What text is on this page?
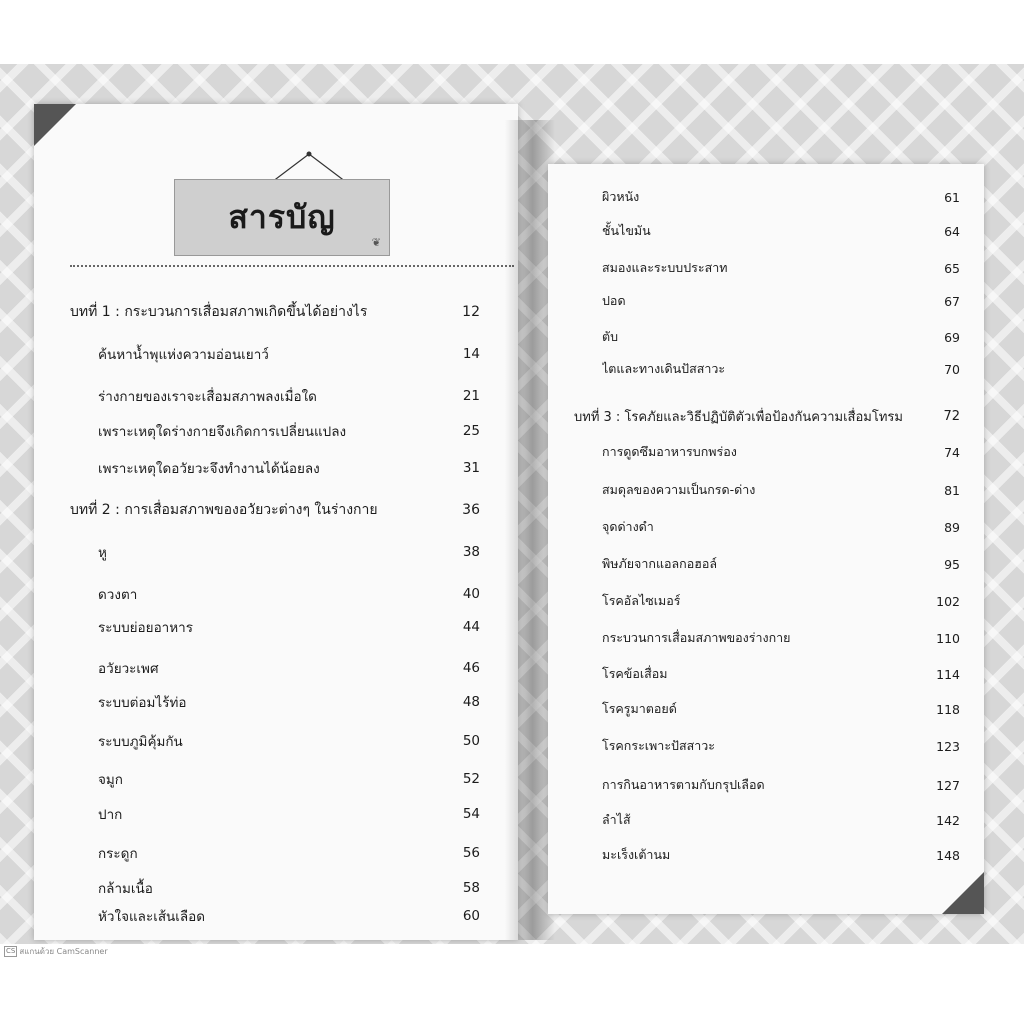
สารบัญ
❦
บทที่ 1 : กระบวนการเสื่อมสภาพเกิดขึ้นได้อย่างไร	12
ค้นหาน้ำพุแห่งความอ่อนเยาว์	14
ร่างกายของเราจะเสื่อมสภาพลงเมื่อใด	21
เพราะเหตุใดร่างกายจึงเกิดการเปลี่ยนแปลง	25
เพราะเหตุใดอวัยวะจึงทำงานได้น้อยลง	31
บทที่ 2 : การเสื่อมสภาพของอวัยวะต่างๆ ในร่างกาย	36
หู	38
ดวงตา	40
ระบบย่อยอาหาร	44
อวัยวะเพศ	46
ระบบต่อมไร้ท่อ	48
ระบบภูมิคุ้มกัน	50
จมูก	52
ปาก	54
กระดูก	56
กล้ามเนื้อ	58
หัวใจและเส้นเลือด	60
ผิวหนัง	61
ชั้นไขมัน	64
สมองและระบบประสาท	65
ปอด	67
ตับ	69
ไตและทางเดินปัสสาวะ	70
บทที่ 3 : โรคภัยและวิธีปฏิบัติตัวเพื่อป้องกันความเสื่อมโทรม	72
การดูดซึมอาหารบกพร่อง	74
สมดุลของความเป็นกรด-ด่าง	81
จุดด่างดำ	89
พิษภัยจากแอลกอฮอล์	95
โรคอัลไซเมอร์	102
กระบวนการเสื่อมสภาพของร่างกาย	110
โรคข้อเสื่อม	114
โรครูมาตอยด์	118
โรคกระเพาะปัสสาวะ	123
การกินอาหารตามกับกรุปเลือด	127
ลำไส้	142
มะเร็งเต้านม	148
CS สแกนด้วย CamScanner
